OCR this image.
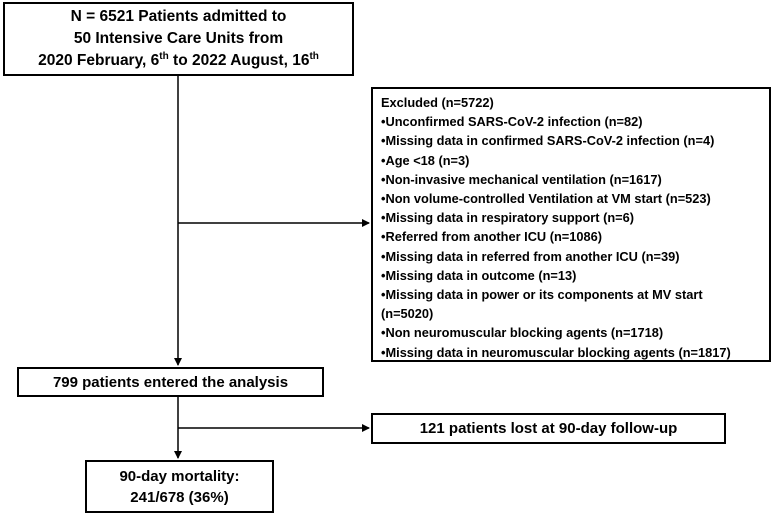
N = 6521 Patients admitted to
50 Intensive Care Units from
2020 February, 6th to 2022 August, 16th
Excluded (n=5722)
•Unconfirmed SARS-CoV-2 infection (n=82)
•Missing data in confirmed SARS-CoV-2 infection (n=4)
•Age <18 (n=3)
•Non-invasive mechanical ventilation (n=1617)
•Non volume-controlled Ventilation at VM start (n=523)
•Missing data in respiratory support (n=6)
•Referred from another ICU (n=1086)
•Missing data in referred from another ICU (n=39)
•Missing data in outcome (n=13)
•Missing data in power or its components at MV start
(n=5020)
•Non neuromuscular blocking agents (n=1718)
•Missing data in neuromuscular blocking agents (n=1817)
799 patients entered the analysis
121 patients lost at 90-day follow-up
90-day mortality:
241/678 (36%)
